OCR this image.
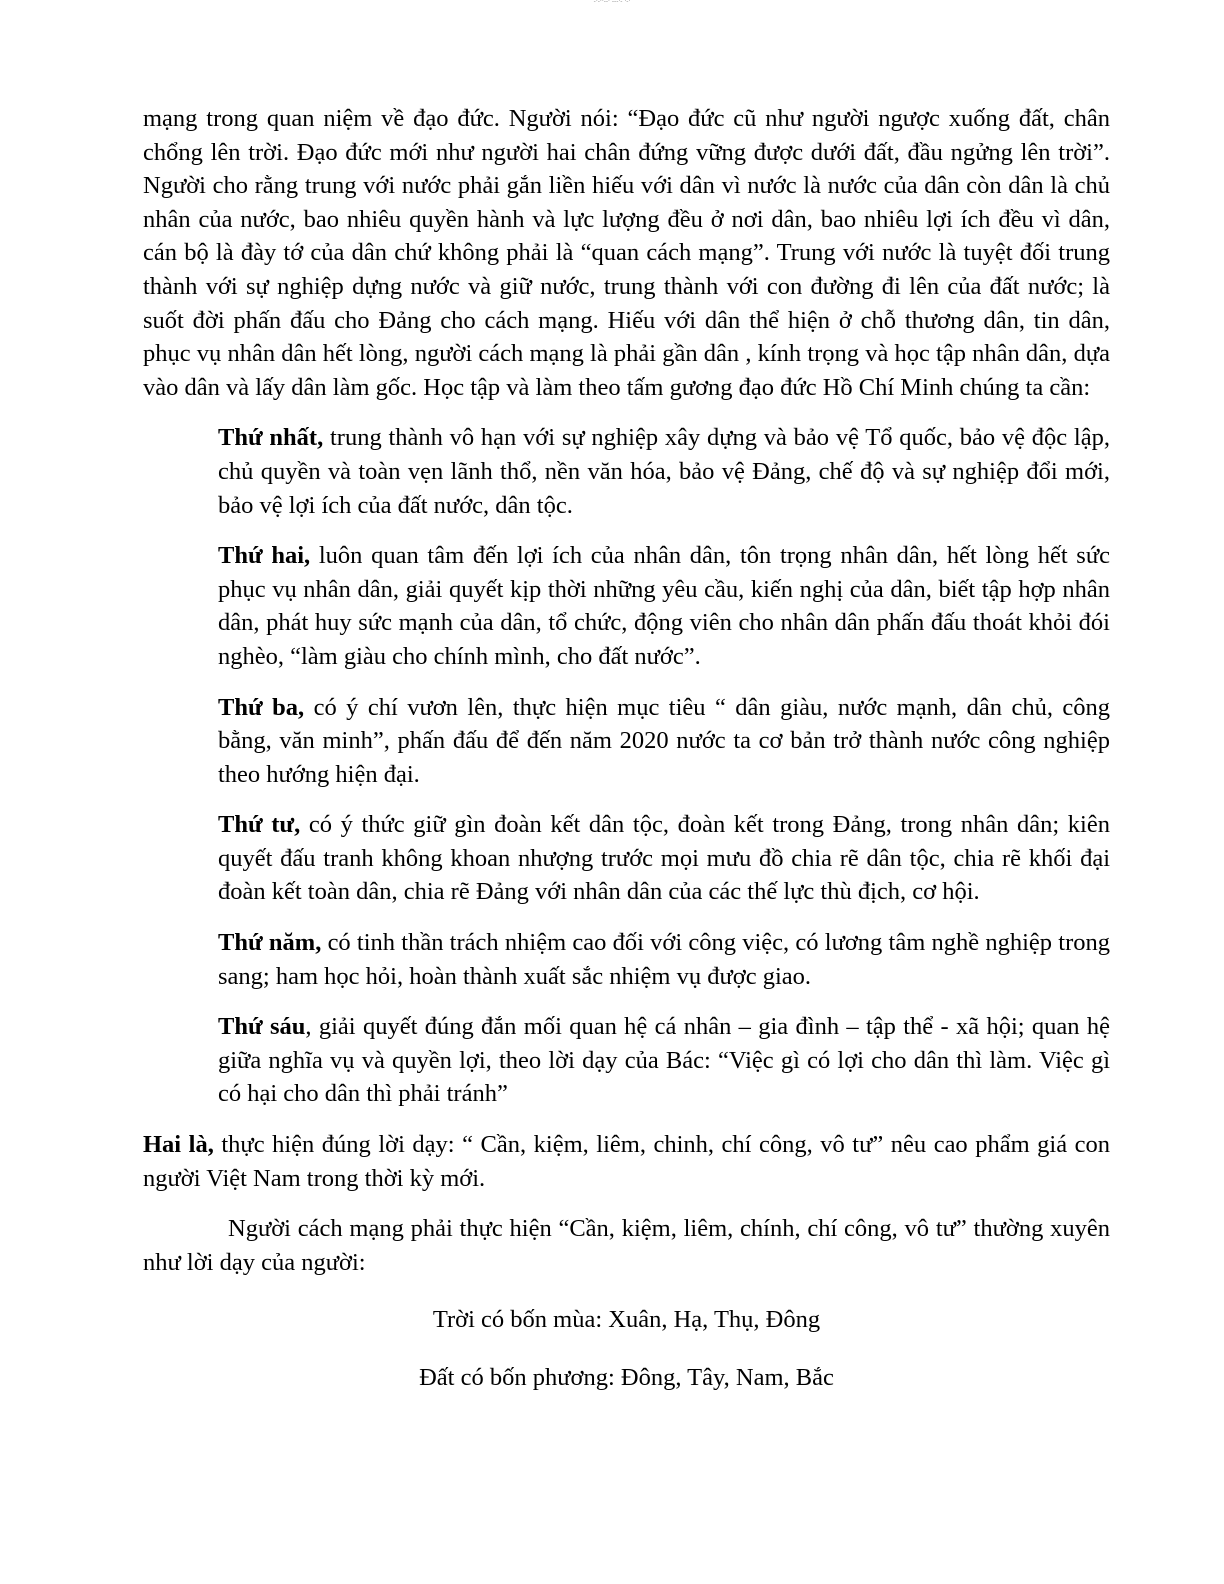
-·-··--· ---·- ·-·

mạng trong quan niệm về đạo đức. Người nói: “Đạo đức cũ như người ngược xuống đất, chân chổng lên trời. Đạo đức mới như người hai chân đứng vững được dưới đất, đầu ngửng lên trời”. Người cho rằng trung với nước phải gắn liền hiếu với dân vì nước là nước của dân còn dân là chủ nhân của nước, bao nhiêu quyền hành và lực lượng đều ở nơi dân, bao nhiêu lợi ích đều vì dân, cán bộ là đày tớ của dân chứ không phải là “quan cách mạng”. Trung với nước là tuyệt đối trung thành với sự nghiệp dựng nước và giữ nước, trung thành với con đường đi lên của đất nước; là suốt đời phấn đấu cho Đảng cho cách mạng. Hiếu với dân thể hiện ở chỗ thương dân, tin dân, phục vụ nhân dân hết lòng, người cách mạng là phải gần dân , kính trọng và học tập nhân dân, dựa vào dân và lấy dân làm gốc. Học tập và làm theo tấm gương đạo đức Hồ Chí Minh chúng ta cần:

Thứ nhất, trung thành vô hạn với sự nghiệp xây dựng và bảo vệ Tổ quốc, bảo vệ độc lập, chủ quyền và toàn vẹn lãnh thổ, nền văn hóa, bảo vệ Đảng, chế độ và sự nghiệp đổi mới, bảo vệ lợi ích của đất nước, dân tộc.

Thứ hai, luôn quan tâm đến lợi ích của nhân dân, tôn trọng nhân dân, hết lòng hết sức phục vụ nhân dân, giải quyết kịp thời những yêu cầu, kiến nghị của dân, biết tập hợp nhân dân, phát huy sức mạnh của dân, tổ chức, động viên cho nhân dân phấn đấu thoát khỏi đói nghèo, “làm giàu cho chính mình, cho đất nước”.

Thứ ba, có ý chí vươn lên, thực hiện mục tiêu “ dân giàu, nước mạnh, dân chủ, công bằng, văn minh”, phấn đấu để đến năm 2020 nước ta cơ bản trở thành nước công nghiệp theo hướng hiện đại.

Thứ tư, có ý thức giữ gìn đoàn kết dân tộc, đoàn kết trong Đảng, trong nhân dân; kiên quyết đấu tranh không khoan nhượng trước mọi mưu đồ chia rẽ dân tộc, chia rẽ khối đại đoàn kết toàn dân, chia rẽ Đảng với nhân dân của các thế lực thù địch, cơ hội.

Thứ năm, có tinh thần trách nhiệm cao đối với công việc, có lương tâm nghề nghiệp trong sang; ham học hỏi, hoàn thành xuất sắc nhiệm vụ được giao.

Thứ sáu, giải quyết đúng đắn mối quan hệ cá nhân – gia đình – tập thể - xã hội; quan hệ giữa nghĩa vụ và quyền lợi, theo lời dạy của Bác: “Việc gì có lợi cho dân thì làm. Việc gì có hại cho dân thì phải tránh”

Hai là, thực hiện đúng lời dạy: “ Cần, kiệm, liêm, chinh, chí công, vô tư” nêu cao phẩm giá con người Việt Nam trong thời kỳ mới.

Người cách mạng phải thực hiện “Cần, kiệm, liêm, chính, chí công, vô tư” thường xuyên như lời dạy của người:

Trời có bốn mùa: Xuân, Hạ, Thụ, Đông

Đất có bốn phương: Đông, Tây, Nam, Bắc
